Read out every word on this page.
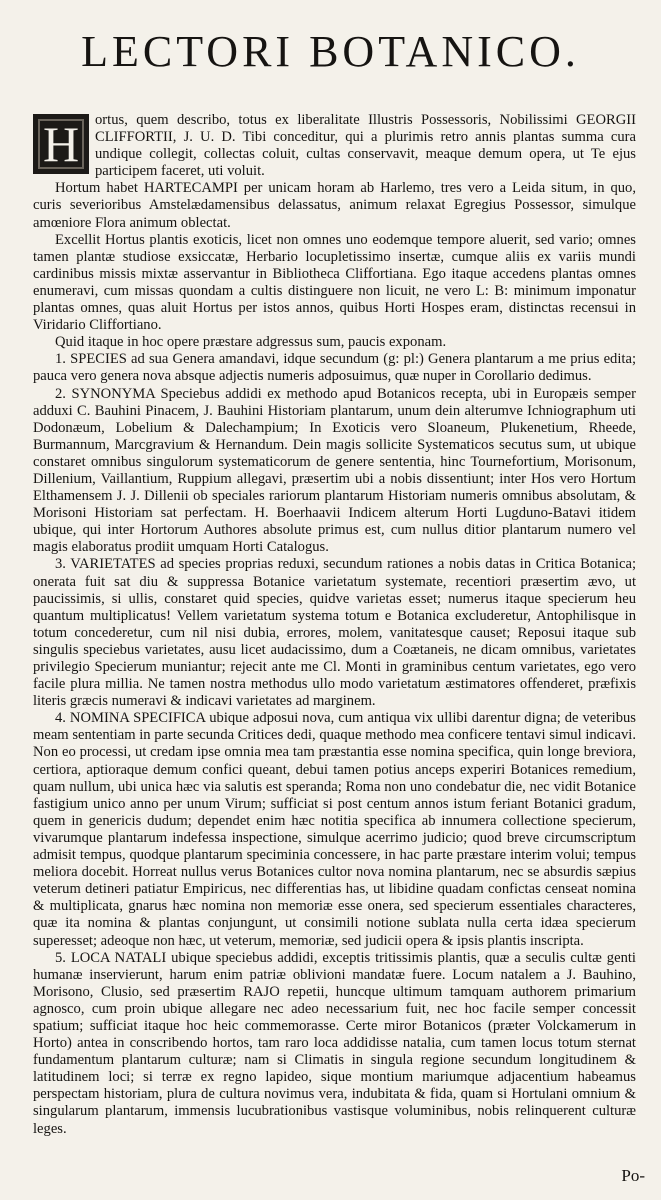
LECTORI BOTANICO.

H	ortus, quem describo, totus ex liberalitate Illustris Possessoris, Nobilissimi GEORGII CLIFFORTII, J. U. D. Tibi conceditur, qui a plurimis retro annis plantas summa cura undique collegit, collectas coluit, cultas conservavit, meaque demum opera, ut Te ejus participem faceret, uti voluit.

Hortum habet HARTECAMPI per unicam horam ab Harlemo, tres vero a Leida situm, in quo, curis severioribus Amstelædamensibus delassatus, animum relaxat Egregius Possessor, simulque amœniore Flora animum oblectat.

Excellit Hortus plantis exoticis, licet non omnes uno eodemque tempore aluerit, sed vario; omnes tamen plantæ studiose exsiccatæ, Herbario locupletissimo insertæ, cumque aliis ex variis mundi cardinibus missis mixtæ asservantur in Bibliotheca Cliffortiana. Ego itaque accedens plantas omnes enumeravi, cum missas quondam a cultis distinguere non licuit, ne vero L: B: minimum imponatur plantas omnes, quas aluit Hortus per istos annos, quibus Horti Hospes eram, distinctas recensui in Viridario Cliffortiano.

Quid itaque in hoc opere præstare adgressus sum, paucis exponam.

1. SPECIES ad sua Genera amandavi, idque secundum (g: pl:) Genera plantarum a me prius edita; pauca vero genera nova absque adjectis numeris adposuimus, quæ nuper in Corollario dedimus.

2. SYNONYMA Speciebus addidi ex methodo apud Botanicos recepta, ubi in Europæis semper adduxi C. Bauhini Pinacem, J. Bauhini Historiam plantarum, unum dein alterumve Ichniographum uti Dodonæum, Lobelium & Dalechampium; In Exoticis vero Sloaneum, Plukenetium, Rheede, Burmannum, Marcgravium & Hernandum. Dein magis sollicite Systematicos secutus sum, ut ubique constaret omnibus singulorum systematicorum de genere sententia, hinc Tournefortium, Morisonum, Dillenium, Vaillantium, Ruppium allegavi, præsertim ubi a nobis dissentiunt; inter Hos vero Hortum Elthamensem J. J. Dillenii ob speciales rariorum plantarum Historiam numeris omnibus absolutam, & Morisoni Historiam sat perfectam. H. Boerhaavii Indicem alterum Horti Lugduno-Batavi itidem ubique, qui inter Hortorum Authores absolute primus est, cum nullus ditior plantarum numero vel magis elaboratus prodiit umquam Horti Catalogus.

3. VARIETATES ad species proprias reduxi, secundum rationes a nobis datas in Critica Botanica; onerata fuit sat diu & suppressa Botanice varietatum systemate, recentiori præsertim ævo, ut paucissimis, si ullis, constaret quid species, quidve varietas esset; numerus itaque specierum heu quantum multiplicatus! Vellem varietatum systema totum e Botanica excluderetur, Antophilisque in totum concederetur, cum nil nisi dubia, errores, molem, vanitatesque causet; Reposui itaque sub singulis speciebus varietates, ausu licet audacissimo, dum a Coætaneis, ne dicam omnibus, varietates privilegio Specierum muniantur; rejecit ante me Cl. Monti in graminibus centum varietates, ego vero facile plura millia. Ne tamen nostra methodus ullo modo varietatum æstimatores offenderet, præfixis literis græcis numeravi & indicavi varietates ad marginem.

4. NOMINA SPECIFICA ubique adposui nova, cum antiqua vix ullibi darentur digna; de veteribus meam sententiam in parte secunda Critices dedi, quaque methodo mea conficere tentavi simul indicavi. Non eo processi, ut credam ipse omnia mea tam præstantia esse nomina specifica, quin longe breviora, certiora, aptioraque demum confici queant, debui tamen potius anceps experiri Botanices remedium, quam nullum, ubi unica hæc via salutis est speranda; Roma non uno condebatur die, nec vidit Botanice fastigium unico anno per unum Virum; sufficiat si post centum annos istum feriant Botanici gradum, quem in genericis dudum; dependet enim hæc notitia specifica ab innumera collectione specierum, vivarumque plantarum indefessa inspectione, simulque acerrimo judicio; quod breve circumscriptum admisit tempus, quodque plantarum speciminia concessere, in hac parte præstare interim volui; tempus meliora docebit. Horreat nullus verus Botanices cultor nova nomina plantarum, nec se absurdis sæpius veterum detineri patiatur Empiricus, nec differentias has, ut libidine quadam confictas censeat nomina & multiplicata, gnarus hæc nomina non memoriæ esse onera, sed specierum essentiales characteres, quæ ita nomina & plantas conjungunt, ut consimili notione sublata nulla certa idæa specierum superesset; adeoque non hæc, ut veterum, memoriæ, sed judicii opera & ipsis plantis inscripta.

5. LOCA NATALI ubique speciebus addidi, exceptis tritissimis plantis, quæ a seculis cultæ genti humanæ inservierunt, harum enim patriæ oblivioni mandatæ fuere. Locum natalem a J. Bauhino, Morisono, Clusio, sed præsertim RAJO repetii, huncque ultimum tamquam authorem primarium agnosco, cum proin ubique allegare nec adeo necessarium fuit, nec hoc facile semper concessit spatium; sufficiat itaque hoc heic commemorasse. Certe miror Botanicos (præter Volckamerum in Horto) antea in conscribendo hortos, tam raro loca addidisse natalia, cum tamen locus totum sternat fundamentum plantarum culturæ; nam si Climatis in singula regione secundum longitudinem & latitudinem loci; si terræ ex regno lapideo, sique montium mariumque adjacentium habeamus perspectam historiam, plura de cultura novimus vera, indubitata & fida, quam si Hortulani omnium & singularum plantarum, immensis lucubrationibus vastisque voluminibus, nobis relinquerent culturæ leges.

Po-
